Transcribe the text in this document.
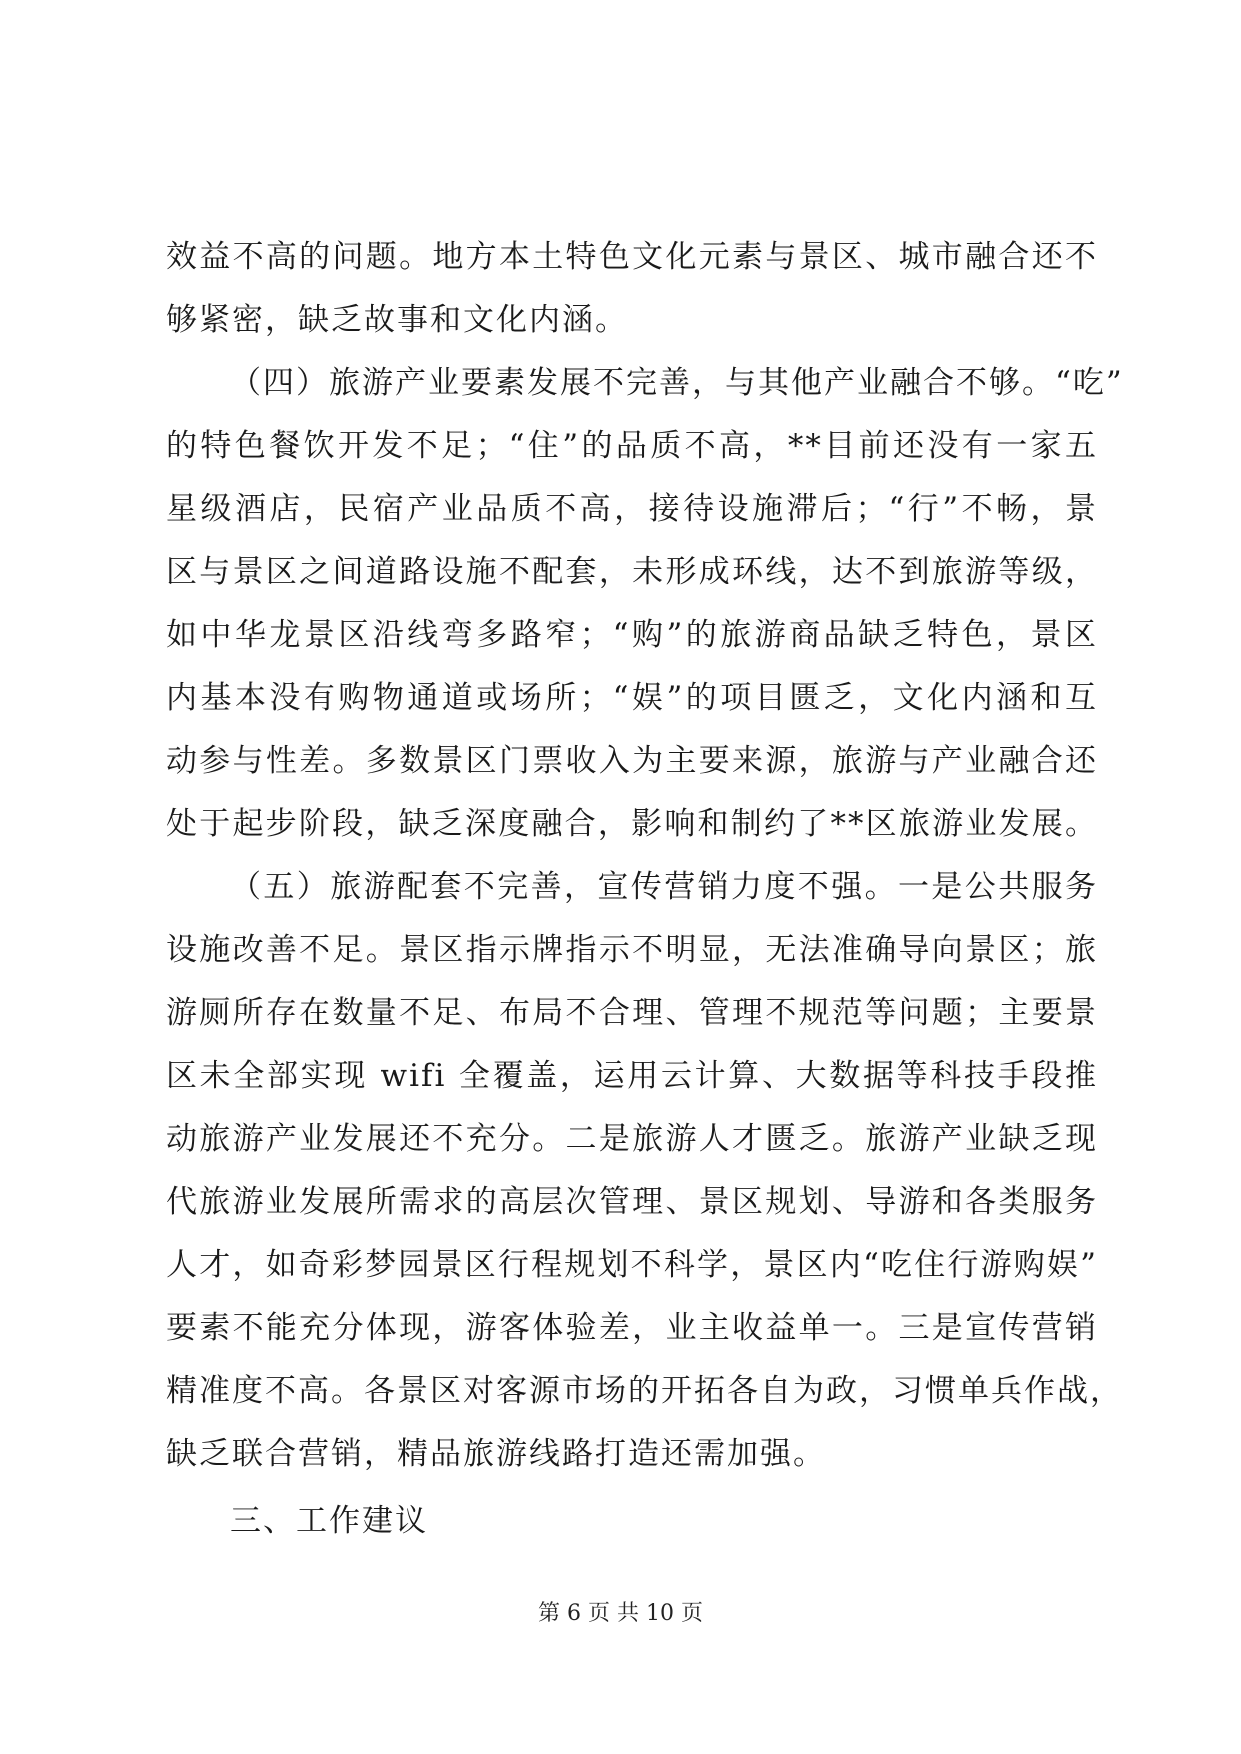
效益不高的问题。地方本土特色文化元素与景区、城市融合还不
够紧密，缺乏故事和文化内涵。
（四）旅游产业要素发展不完善，与其他产业融合不够。“吃”
的特色餐饮开发不足；“住”的品质不高，**目前还没有一家五
星级酒店，民宿产业品质不高，接待设施滞后；“行”不畅，景
区与景区之间道路设施不配套，未形成环线，达不到旅游等级，
如中华龙景区沿线弯多路窄；“购”的旅游商品缺乏特色，景区
内基本没有购物通道或场所；“娱”的项目匮乏，文化内涵和互
动参与性差。多数景区门票收入为主要来源，旅游与产业融合还
处于起步阶段，缺乏深度融合，影响和制约了**区旅游业发展。
（五）旅游配套不完善，宣传营销力度不强。一是公共服务
设施改善不足。景区指示牌指示不明显，无法准确导向景区；旅
游厕所存在数量不足、布局不合理、管理不规范等问题；主要景
区未全部实现 wifi 全覆盖，运用云计算、大数据等科技手段推
动旅游产业发展还不充分。二是旅游人才匮乏。旅游产业缺乏现
代旅游业发展所需求的高层次管理、景区规划、导游和各类服务
人才，如奇彩梦园景区行程规划不科学，景区内“吃住行游购娱”
要素不能充分体现，游客体验差，业主收益单一。三是宣传营销
精准度不高。各景区对客源市场的开拓各自为政，习惯单兵作战，
缺乏联合营销，精品旅游线路打造还需加强。
三、工作建议
第 6 页 共 10 页
